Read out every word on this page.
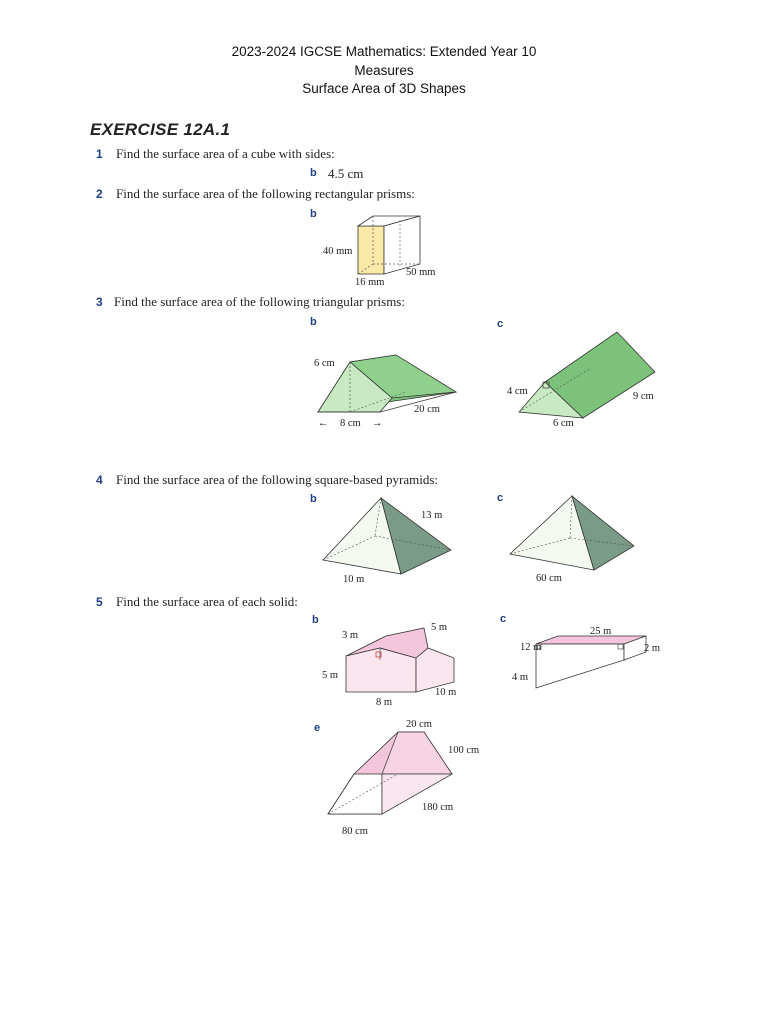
2023-2024 IGCSE Mathematics: Extended Year 10
Measures
Surface Area of 3D Shapes
EXERCISE 12A.1
1 Find the surface area of a cube with sides:
b 4.5 cm
2 Find the surface area of the following rectangular prisms:
b
40 mm
50 mm
16 mm
3 Find the surface area of the following triangular prisms:
b	c
6 cm
20 cm
8 cm
←	→
4 cm	9 cm
6 cm
4 Find the surface area of the following square-based pyramids:
b	c
13 m
10 m	60 cm
5 Find the surface area of each solid:
b	c
3 m
5 m
5 m
8 m
10 m
12 m
25 m
2 m
4 m
e	20 cm
100 cm
180 cm
80 cm
